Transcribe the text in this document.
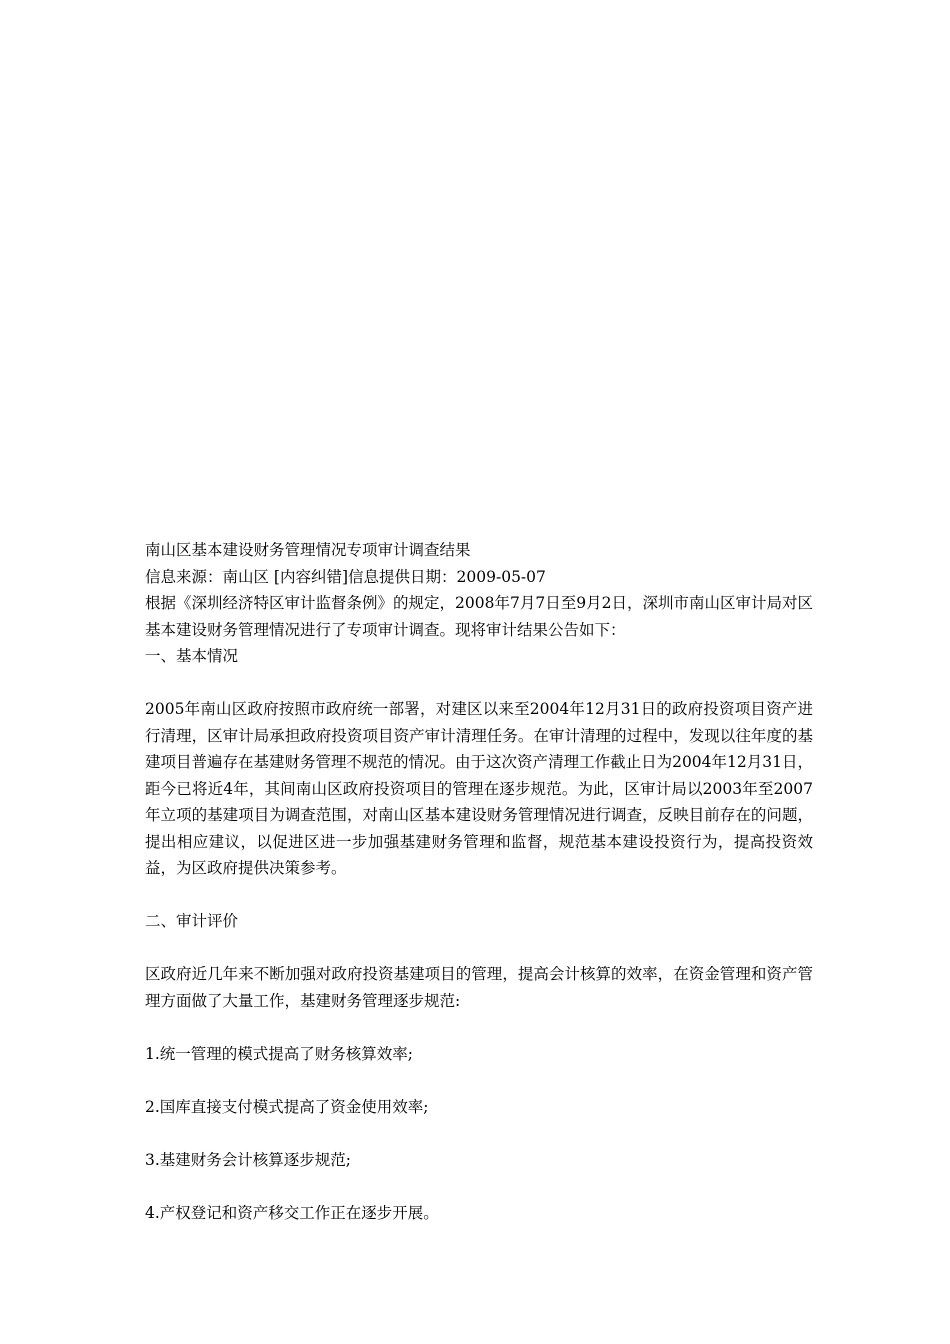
南山区基本建设财务管理情况专项审计调查结果
信息来源：南山区 [内容纠错]信息提供日期：2009-05-07
根据《深圳经济特区审计监督条例》的规定，2008年7月7日至9月2日，深圳市南山区审计局对区基本建设财务管理情况进行了专项审计调查。现将审计结果公告如下：
一、基本情况
2005年南山区政府按照市政府统一部署，对建区以来至2004年12月31日的政府投资项目资产进行清理，区审计局承担政府投资项目资产审计清理任务。在审计清理的过程中，发现以往年度的基建项目普遍存在基建财务管理不规范的情况。由于这次资产清理工作截止日为2004年12月31日，距今已将近4年，其间南山区政府投资项目的管理在逐步规范。为此，区审计局以2003年至2007年立项的基建项目为调查范围，对南山区基本建设财务管理情况进行调查，反映目前存在的问题，提出相应建议，以促进区进一步加强基建财务管理和监督，规范基本建设投资行为，提高投资效益，为区政府提供决策参考。
二、审计评价
区政府近几年来不断加强对政府投资基建项目的管理，提高会计核算的效率，在资金管理和资产管理方面做了大量工作，基建财务管理逐步规范:
1.统一管理的模式提高了财务核算效率;
2.国库直接支付模式提高了资金使用效率;
3.基建财务会计核算逐步规范;
4.产权登记和资产移交工作正在逐步开展。
